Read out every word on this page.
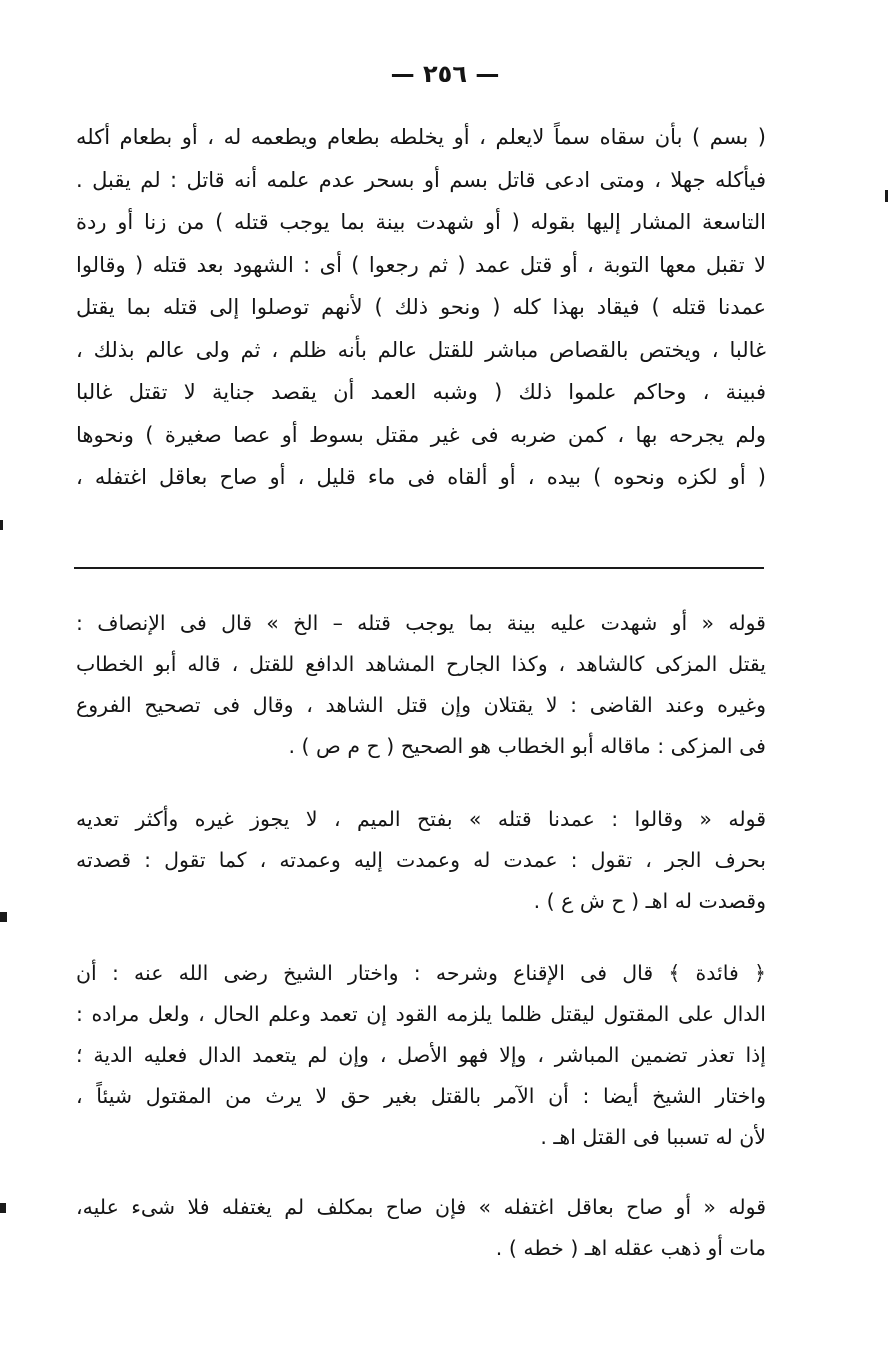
— ٢٥٦ —
( بسم ) بأن سقاه سماً لايعلم ، أو يخلطه بطعام ويطعمه له ، أو بطعام أكله
فيأكله جهلا ، ومتى ادعى قاتل بسم أو بسحر عدم علمه أنه قاتل : لم يقبل .
التاسعة المشار إليها بقوله ( أو شهدت بينة بما يوجب قتله ) من زنا أو ردة
لا تقبل معها التوبة ، أو قتل عمد ( ثم رجعوا ) أى : الشهود بعد قتله ( وقالوا
عمدنا قتله ) فيقاد بهذا كله ( ونحو ذلك ) لأنهم توصلوا إلى قتله بما يقتل
غالبا ، ويختص بالقصاص مباشر للقتل عالم بأنه ظلم ، ثم ولى عالم بذلك ،
فبينة ، وحاكم علموا ذلك ( وشبه العمد أن يقصد جناية لا تقتل غالبا
ولم يجرحه بها ، كمن ضربه فى غير مقتل بسوط أو عصا صغيرة ) ونحوها
( أو لكزه ونحوه ) بيده ، أو ألقاه فى ماء قليل ، أو صاح بعاقل اغتفله ،
قوله « أو شهدت عليه بينة بما يوجب قتله – الخ » قال فى الإنصاف :
يقتل المزكى كالشاهد ، وكذا الجارح المشاهد الدافع للقتل ، قاله أبو الخطاب
وغيره وعند القاضى : لا يقتلان وإن قتل الشاهد ، وقال فى تصحيح الفروع
فى المزكى : ماقاله أبو الخطاب هو الصحيح ( ح م ص ) .
قوله « وقالوا : عمدنا قتله » بفتح الميم ، لا يجوز غيره وأكثر تعديه
بحرف الجر ، تقول : عمدت له وعمدت إليه وعمدته ، كما تقول : قصدته
وقصدت له اهـ ( ح ش ع ) .
﴿ فائدة ﴾ قال فى الإقناع وشرحه : واختار الشيخ رضى الله عنه : أن
الدال على المقتول ليقتل ظلما يلزمه القود إن تعمد وعلم الحال ، ولعل مراده :
إذا تعذر تضمين المباشر ، وإلا فهو الأصل ، وإن لم يتعمد الدال فعليه الدية ؛
واختار الشيخ أيضا : أن الآمر بالقتل بغير حق لا يرث من المقتول شيئاً ،
لأن له تسببا فى القتل اهـ .
قوله « أو صاح بعاقل اغتفله » فإن صاح بمكلف لم يغتفله فلا شىء عليه،
مات أو ذهب عقله اهـ ( خطه ) .
